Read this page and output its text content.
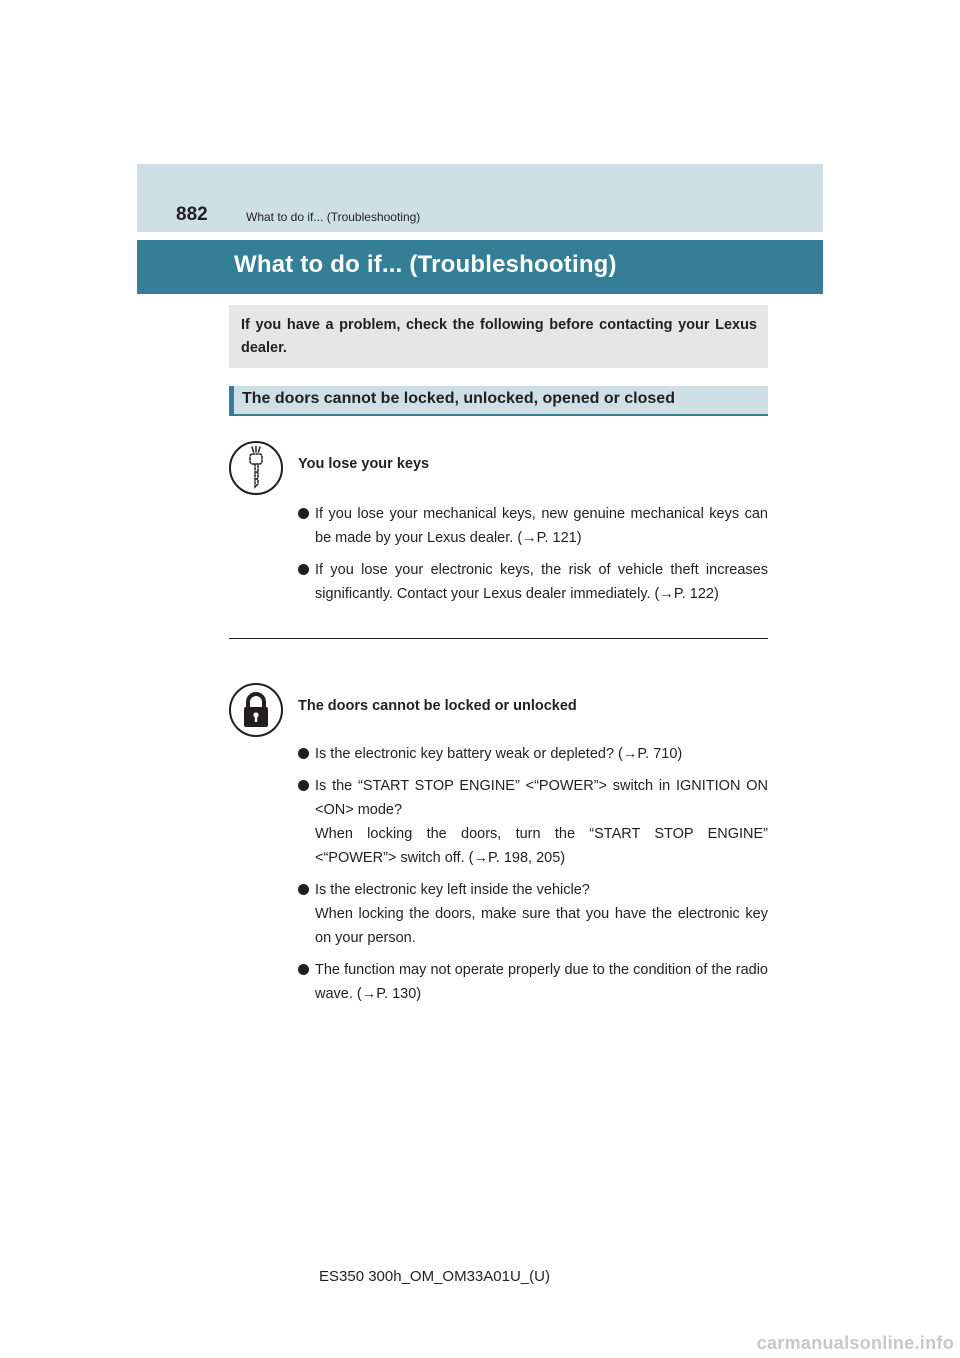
882	What to do if... (Troubleshooting)
What to do if... (Troubleshooting)
If you have a problem, check the following before contacting your Lexus dealer.
The doors cannot be locked, unlocked, opened or closed
You lose your keys
If you lose your mechanical keys, new genuine mechanical keys can be made by your Lexus dealer. (→P. 121)
If you lose your electronic keys, the risk of vehicle theft increases significantly. Contact your Lexus dealer immediately. (→P. 122)
The doors cannot be locked or unlocked
Is the electronic key battery weak or depleted? (→P. 710)
Is the “START STOP ENGINE” <“POWER”> switch in IGNITION ON <ON> mode?
When locking the doors, turn the “START STOP ENGINE” <“POWER”> switch off. (→P. 198, 205)
Is the electronic key left inside the vehicle?
When locking the doors, make sure that you have the electronic key on your person.
The function may not operate properly due to the condition of the radio wave. (→P. 130)
ES350 300h_OM_OM33A01U_(U)
carmanualsonline.info
